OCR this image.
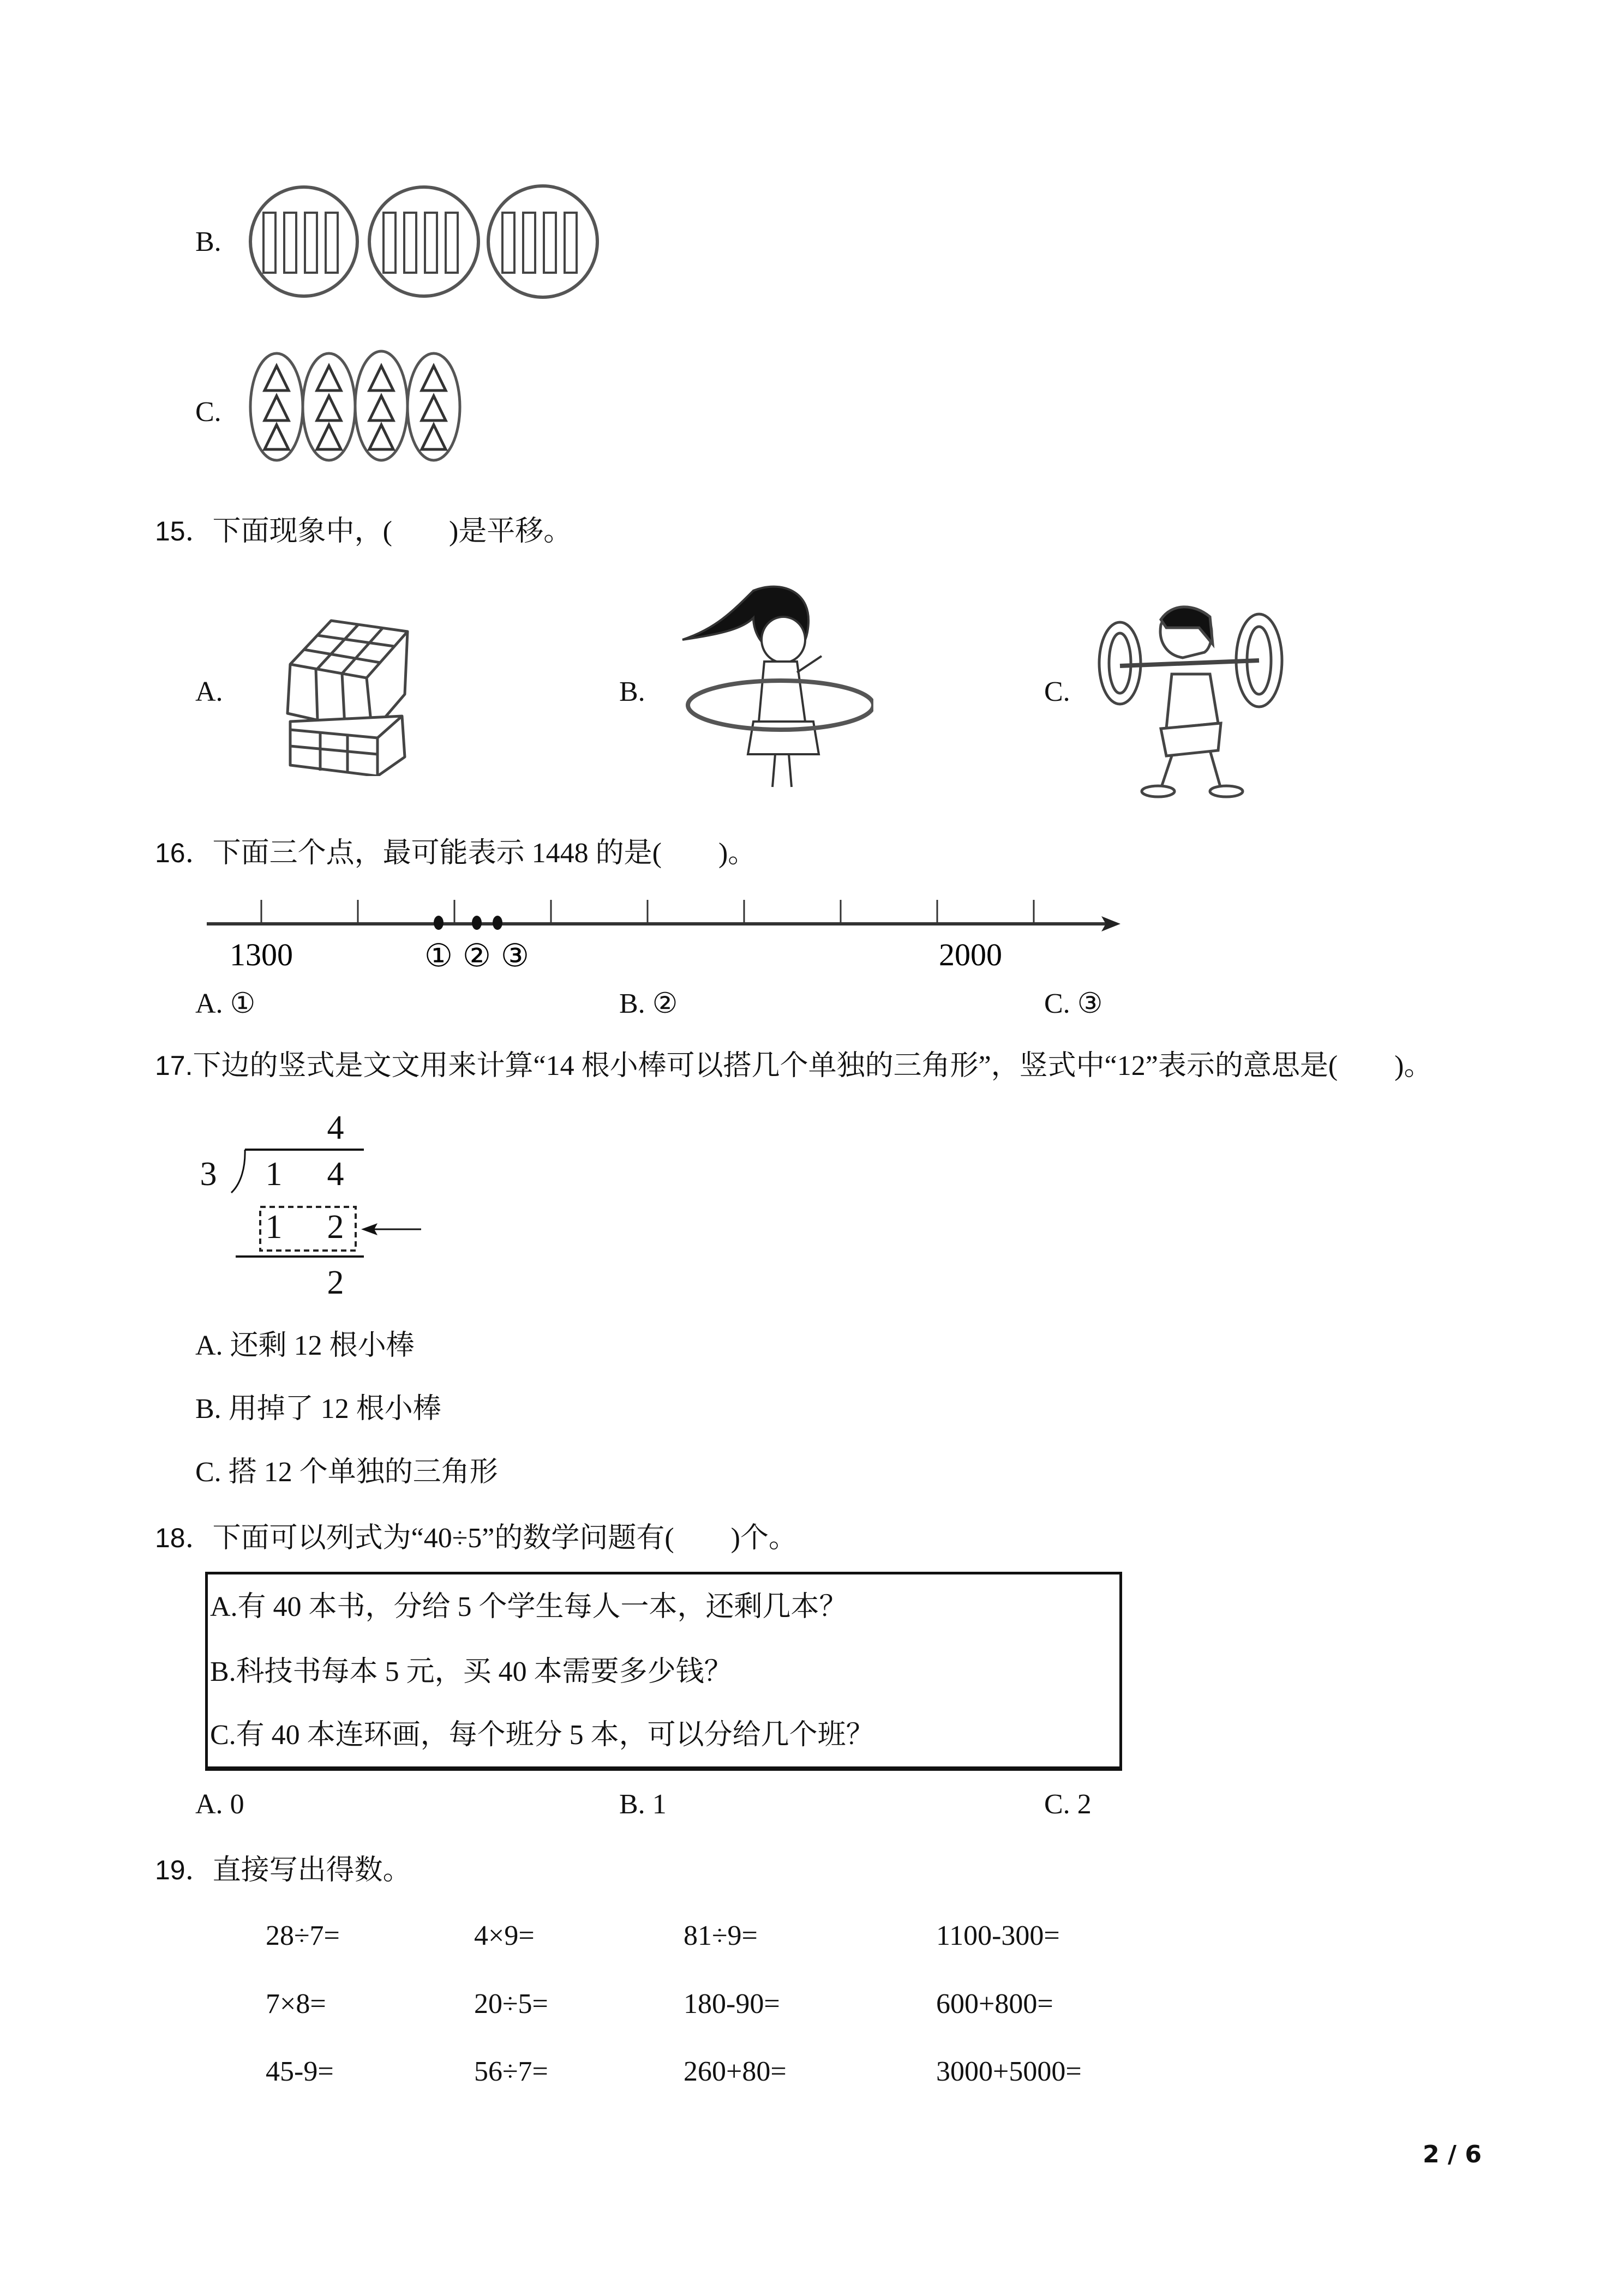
B.
C.
15．下面现象中，(　　)是平移。
A.	B.	C.
16．下面三个点，最可能表示 1448 的是(　　)。
1300	2000
① ② ③
A. ①	B. ②	C. ③
17.下边的竖式是文文用来计算“14 根小棒可以搭几个单独的三角形”，竖式中“12”表示的意思是(　　)。
4
3 1 4
1 2
2
A. 还剩 12 根小棒
B. 用掉了 12 根小棒
C. 搭 12 个单独的三角形
18．下面可以列式为“40÷5”的数学问题有(　　)个。
A.有 40 本书，分给 5 个学生每人一本，还剩几本？
B.科技书每本 5 元，买 40 本需要多少钱？
C.有 40 本连环画，每个班分 5 本，可以分给几个班？
A. 0	B. 1	C. 2
19．直接写出得数。
28÷7=	4×9=	81÷9=	1100-300=
7×8=	20÷5=	180-90=	600+800=
45-9=	56÷7=	260+80=	3000+5000=
2 / 6
